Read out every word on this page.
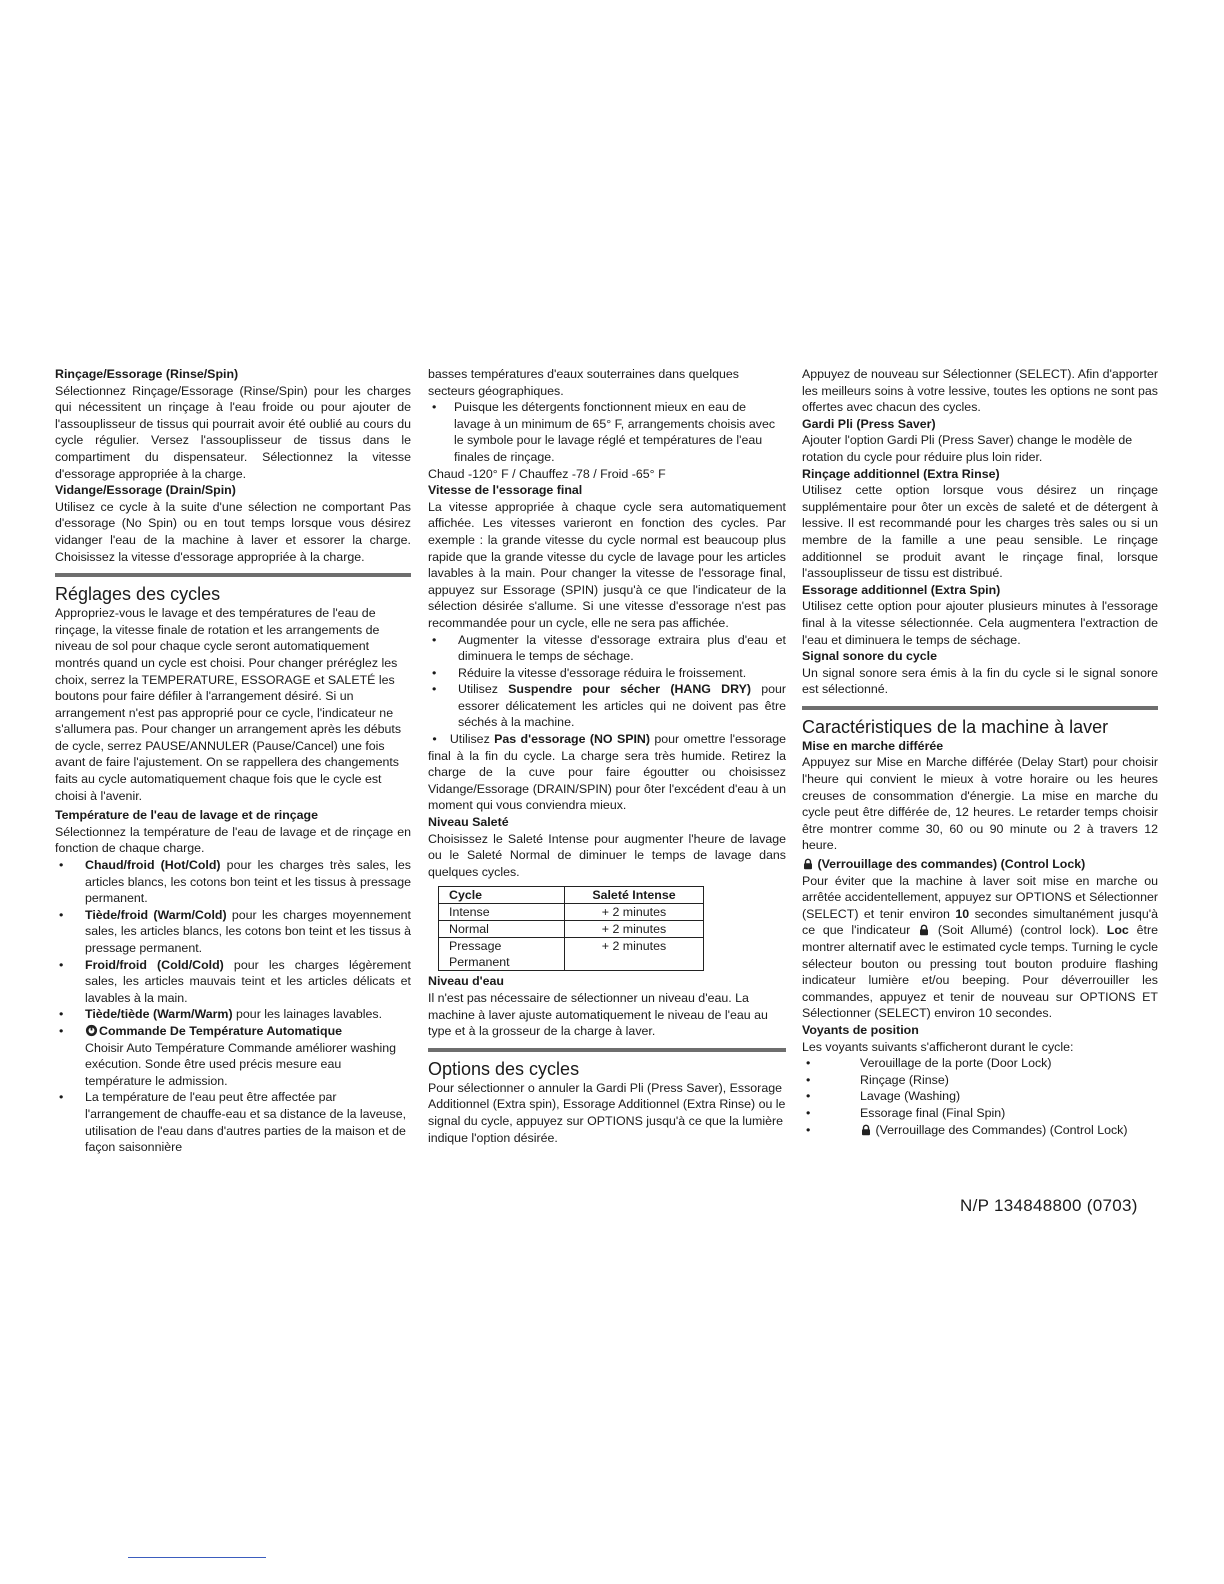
Rinçage/Essorage (Rinse/Spin)

Sélectionnez Rinçage/Essorage (Rinse/Spin) pour les charges qui nécessitent un rinçage à l'eau froide ou pour ajouter de l'assouplisseur de tissus qui pourrait avoir été oublié au cours du cycle régulier. Versez l'assouplisseur de tissus dans le compartiment du dispensateur. Sélectionnez la vitesse d'essorage appropriée à la charge.

Vidange/Essorage (Drain/Spin)

Utilisez ce cycle à la suite d'une sélection ne comportant Pas d'essorage (No Spin) ou en tout temps lorsque vous désirez vidanger l'eau de la machine à laver et essorer la charge. Choisissez la vitesse d'essorage appropriée à la charge.

Réglages des cycles

Appropriez-vous le lavage et des températures de l'eau de rinçage, la vitesse finale de rotation et les arrangements de niveau de sol pour chaque cycle seront automatiquement montrés quand un cycle est choisi. Pour changer préréglez les choix, serrez la TEMPERATURE, ESSORAGE et SALETÉ les boutons pour faire défiler à l'arrangement désiré. Si un arrangement n'est pas approprié pour ce cycle, l'indicateur ne s'allumera pas. Pour changer un arrangement après les débuts de cycle, serrez PAUSE/ANNULER (Pause/Cancel) une fois avant de faire l'ajustement. On se rappellera des changements faits au cycle automatiquement chaque fois que le cycle est choisi à l'avenir.

Température de l'eau de lavage et de rinçage

Sélectionnez la température de l'eau de lavage et de rinçage en fonction de chaque charge.

• Chaud/froid (Hot/Cold) pour les charges très sales, les articles blancs, les cotons bon teint et les tissus à pressage permanent.
• Tiède/froid (Warm/Cold) pour les charges moyennement sales, les articles blancs, les cotons bon teint et les tissus à pressage permanent.
• Froid/froid (Cold/Cold) pour les charges légèrement sales, les articles mauvais teint et les articles délicats et lavables à la main.
• Tiède/tiède (Warm/Warm) pour les lainages lavables.
• Commande De Température Automatique
Choisir Auto Température Commande améliorer washing exécution. Sonde être used précis mesure eau température le admission.
• La température de l'eau peut être affectée par l'arrangement de chauffe-eau et sa distance de la laveuse, utilisation de l'eau dans d'autres parties de la maison et de façon saisonnière

basses températures d'eaux souterraines dans quelques secteurs géographiques.

• Puisque les détergents fonctionnent mieux en eau de lavage à un minimum de 65° F, arrangements choisis avec le symbole pour le lavage réglé et températures de l'eau finales de rinçage.

Chaud -120° F / Chauffez -78 / Froid -65° F

Vitesse de l'essorage final

La vitesse appropriée à chaque cycle sera automatiquement affichée. Les vitesses varieront en fonction des cycles. Par exemple : la grande vitesse du cycle normal est beaucoup plus rapide que la grande vitesse du cycle de lavage pour les articles lavables à la main. Pour changer la vitesse de l'essorage final, appuyez sur Essorage (SPIN) jusqu'à ce que l'indicateur de la sélection désirée s'allume. Si une vitesse d'essorage n'est pas recommandée pour un cycle, elle ne sera pas affichée.

• Augmenter la vitesse d'essorage extraira plus d'eau et diminuera le temps de séchage.
• Réduire la vitesse d'essorage réduira le froissement.
• Utilisez Suspendre pour sécher (HANG DRY) pour essorer délicatement les articles qui ne doivent pas être séchés à la machine.

•   Utilisez Pas d'essorage (NO SPIN) pour omettre l'essorage final à la fin du cycle. La charge sera très humide. Retirez la charge de la cuve pour faire égoutter ou choisissez Vidange/Essorage (DRAIN/SPIN) pour ôter l'excédent d'eau à un moment qui vous conviendra mieux.

Niveau Saleté

Choisissez le Saleté Intense pour augmenter l'heure de lavage ou le Saleté Normal de diminuer le temps de lavage dans quelques cycles.

Cycle	Saleté Intense
Intense	+ 2 minutes
Normal	+ 2 minutes
Pressage Permanent	+ 2 minutes
Niveau d'eau

Il n'est pas nécessaire de sélectionner un niveau d'eau. La machine à laver ajuste automatiquement le niveau de l'eau au type et à la grosseur de la charge à laver.

Options des cycles

Pour sélectionner o annuler la Gardi Pli (Press Saver), Essorage Additionnel (Extra spin), Essorage Additionnel (Extra Rinse) ou le signal du cycle, appuyez sur OPTIONS jusqu'à ce que la lumière indique l'option désirée.

Appuyez de nouveau sur Sélectionner (SELECT). Afin d'apporter les meilleurs soins à votre lessive, toutes les options ne sont pas offertes avec chacun des cycles.

Gardi Pli (Press Saver)

Ajouter l'option Gardi Pli (Press Saver) change le modèle de rotation du cycle pour réduire plus loin rider.

Rinçage additionnel (Extra Rinse)

Utilisez cette option lorsque vous désirez un rinçage supplémentaire pour ôter un excès de saleté et de détergent à lessive. Il est recommandé pour les charges très sales ou si un membre de la famille a une peau sensible. Le rinçage additionnel se produit avant le rinçage final, lorsque l'assouplisseur de tissu est distribué.

Essorage additionnel (Extra Spin)

Utilisez cette option pour ajouter plusieurs minutes à l'essorage final à la vitesse sélectionnée. Cela augmentera l'extraction de l'eau et diminuera le temps de séchage.

Signal sonore du cycle

Un signal sonore sera émis à la fin du cycle si le signal sonore est sélectionné.

Caractéristiques de la machine à laver
Mise en marche différée

Appuyez sur Mise en Marche différée (Delay Start) pour choisir l'heure qui convient le mieux à votre horaire ou les heures creuses de consommation d'énergie. La mise en marche du cycle peut être différée de, 12 heures. Le retarder temps choisir être montrer comme 30, 60 ou 90 minute ou 2 à travers 12 heure.

(Verrouillage des commandes) (Control Lock)

Pour éviter que la machine à laver soit mise en marche ou arrêtée accidentellement, appuyez sur OPTIONS et Sélectionner (SELECT) et tenir environ 10 secondes simultanément jusqu'à ce que l'indicateur  (Soit Allumé) (control lock). Loc être montrer alternatif avec le estimated cycle temps. Turning le cycle sélecteur bouton ou pressing tout bouton produire flashing indicateur lumière et/ou beeping. Pour déverrouiller les commandes, appuyez et tenir de nouveau sur OPTIONS ET Sélectionner (SELECT) environ 10 secondes.

Voyants de position

Les voyants suivants s'afficheront durant le cycle:

• Verouillage de la porte (Door Lock)
• Rinçage (Rinse)
• Lavage (Washing)
• Essorage final (Final Spin)
• (Verrouillage des Commandes) (Control Lock)
N/P 134848800 (0703)
